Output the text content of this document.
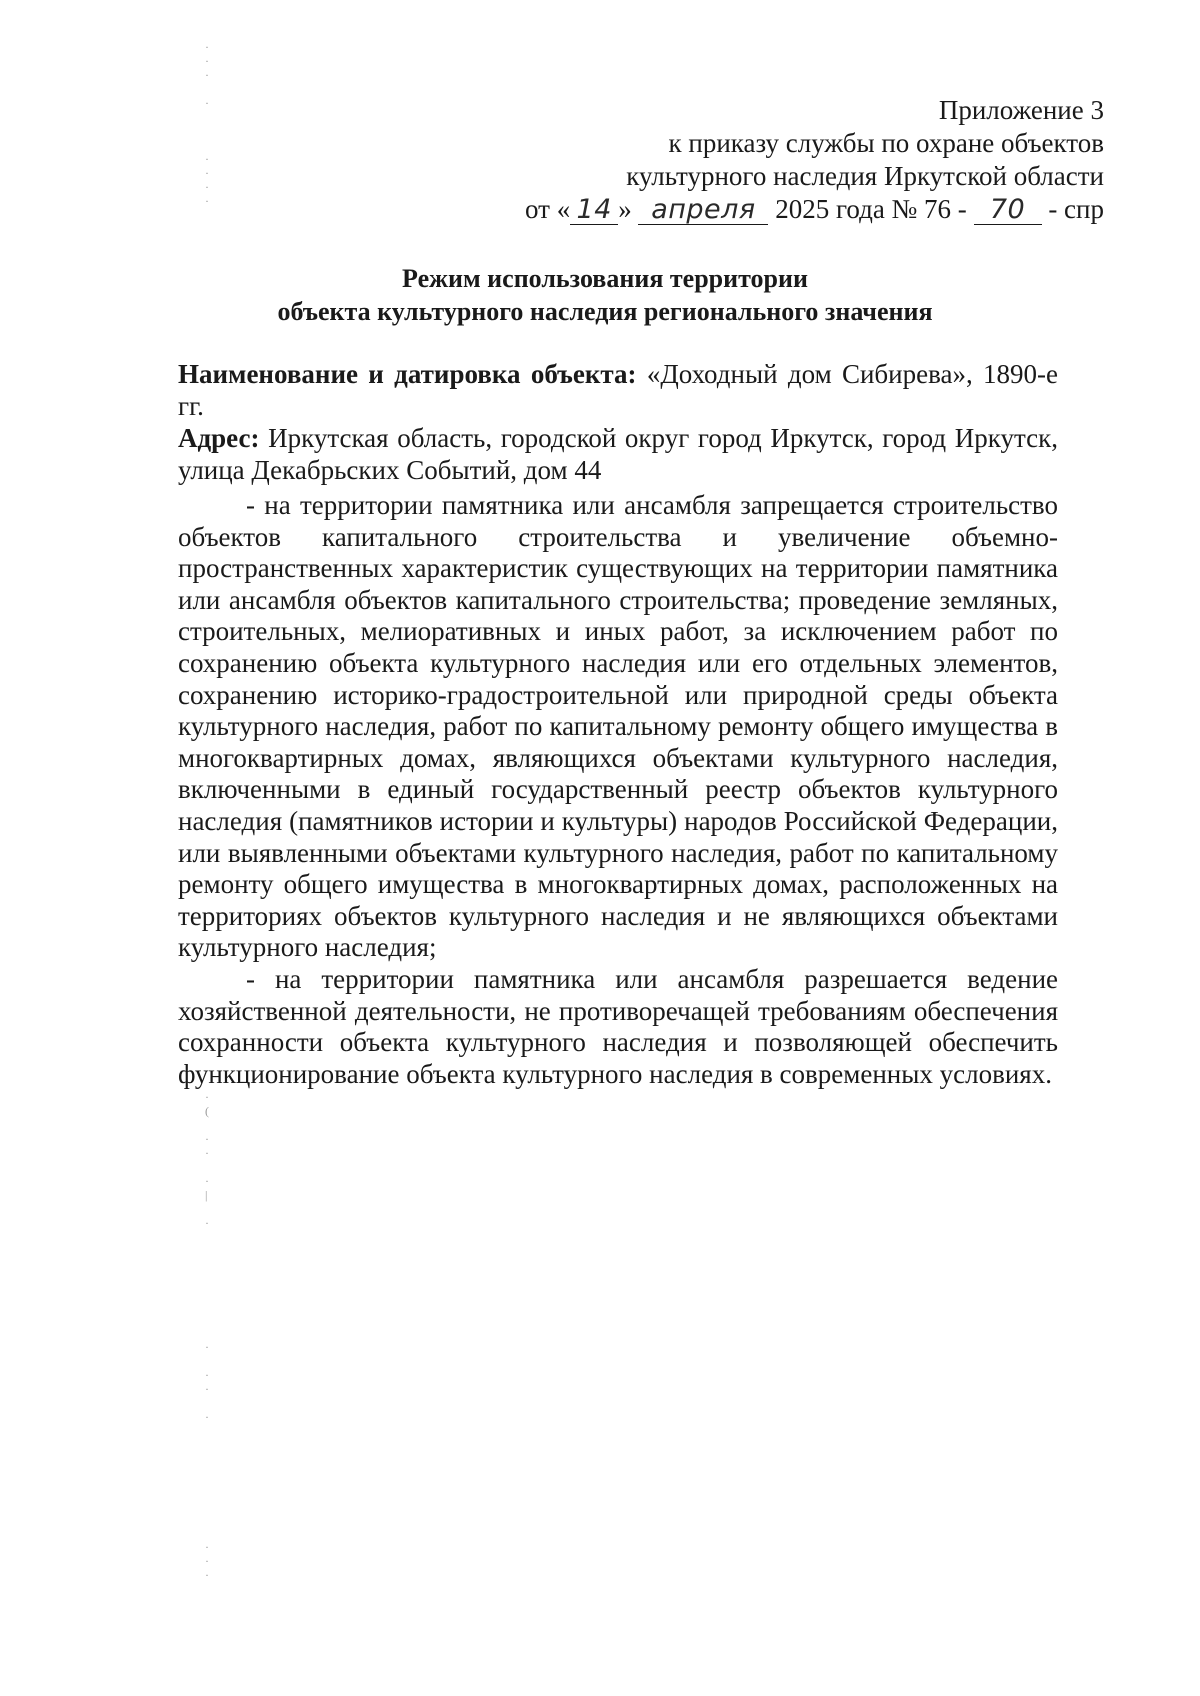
Приложение 3
к приказу службы по охране объектов
культурного наследия Иркутской области
от « 14 » апреля 2025 года № 76 - 70 - спр
Режим использования территории
объекта культурного наследия регионального значения

Наименование и датировка объекта: «Доходный дом Сибирева», 1890-е гг.

Адрес: Иркутская область, городской округ город Иркутск, город Иркутск, улица Декабрьских Событий, дом 44

- на территории памятника или ансамбля запрещается строительство объектов капитального строительства и увеличение объемно-пространственных характеристик существующих на территории памятника или ансамбля объектов капитального строительства; проведение земляных, строительных, мелиоративных и иных работ, за исключением работ по сохранению объекта культурного наследия или его отдельных элементов, сохранению историко-градостроительной или природной среды объекта культурного наследия, работ по капитальному ремонту общего имущества в многоквартирных домах, являющихся объектами культурного наследия, включенными в единый государственный реестр объектов культурного наследия (памятников истории и культуры) народов Российской Федерации, или выявленными объектами культурного наследия, работ по капитальному ремонту общего имущества в многоквартирных домах, расположенных на территориях объектов культурного наследия и не являющихся объектами культурного наследия;

- на территории памятника или ансамбля разрешается ведение хозяйственной деятельности, не противоречащей требованиям обеспечения сохранности объекта культурного наследия и позволяющей обеспечить функционирование объекта культурного наследия в современных условиях.

·
·
·

·

·
·
·
·
·
(

·
·

·
|

·
·

·
·

·
·
·
·
